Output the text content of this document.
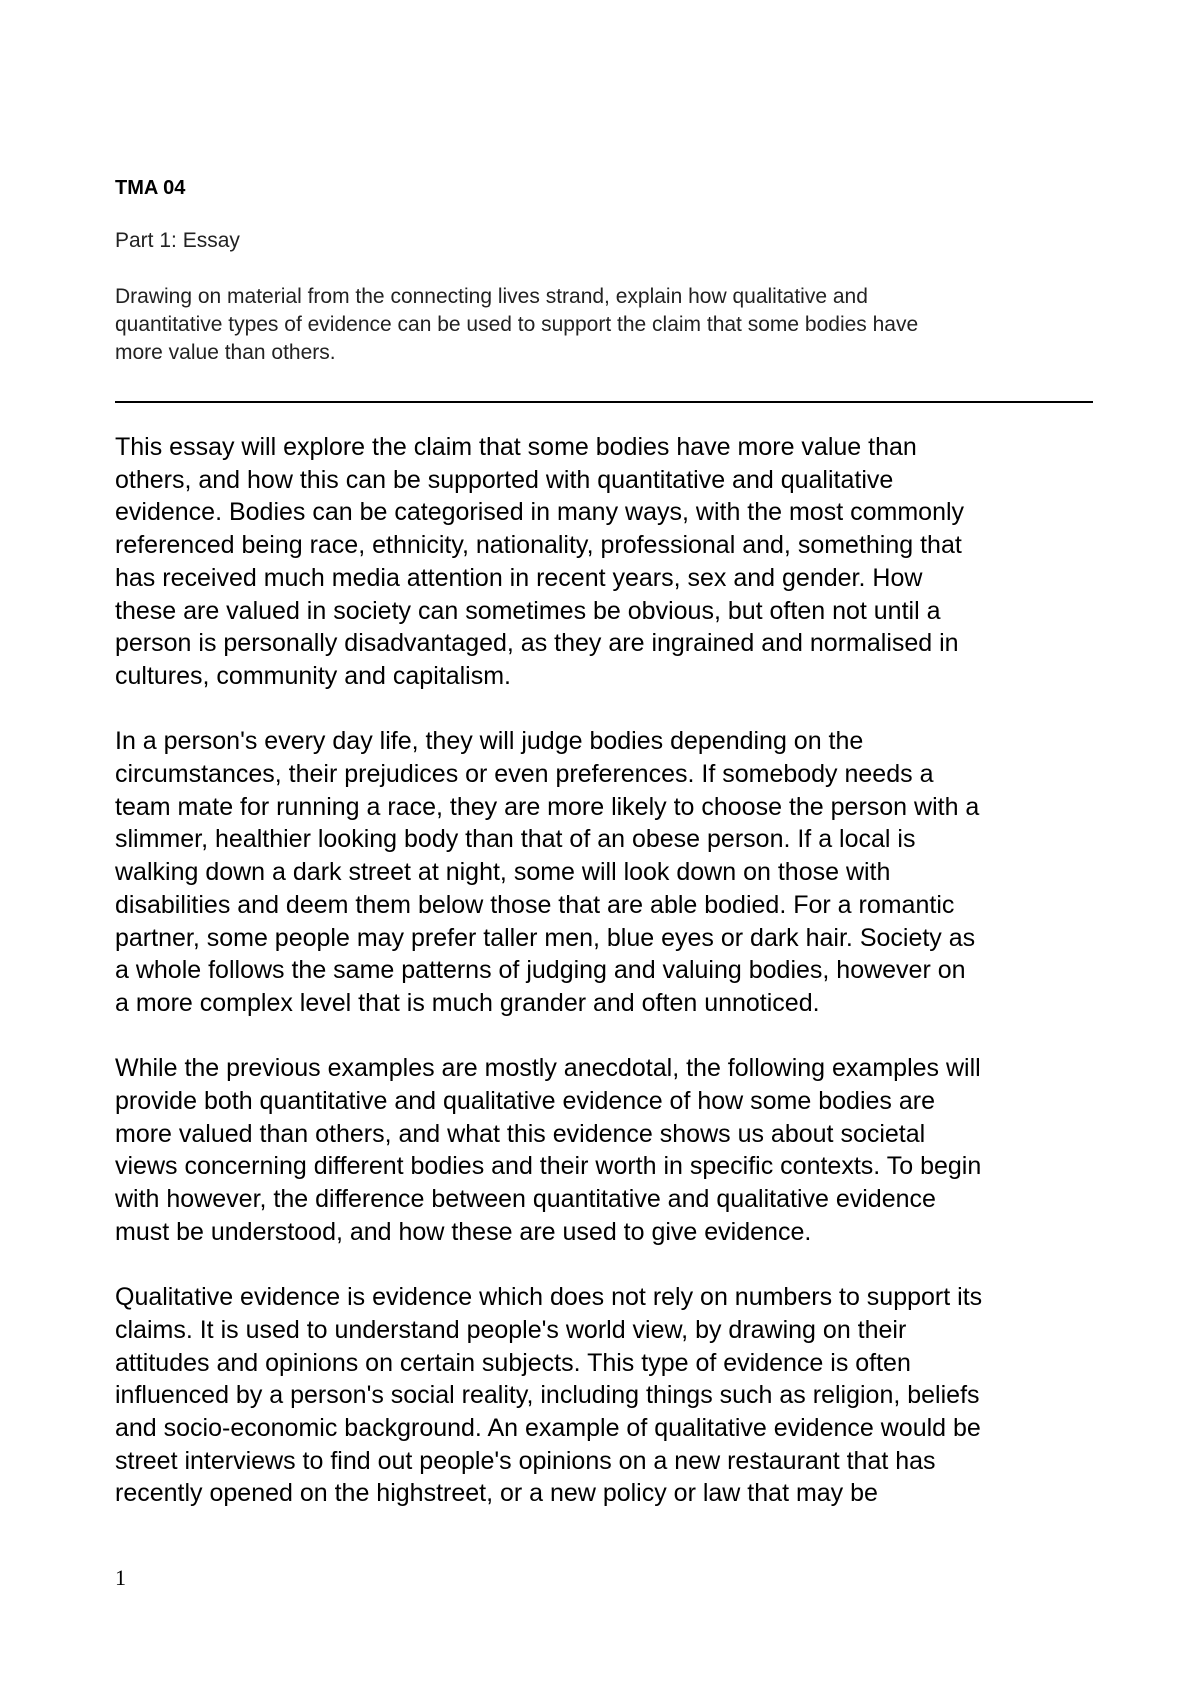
TMA 04

Part 1: Essay

Drawing on material from the connecting lives strand, explain how qualitative and
quantitative types of evidence can be used to support the claim that some bodies have
more value than others.

This essay will explore the claim that some bodies have more value than
others, and how this can be supported with quantitative and qualitative
evidence. Bodies can be categorised in many ways, with the most commonly
referenced being race, ethnicity, nationality, professional and, something that
has received much media attention in recent years, sex and gender. How
these are valued in society can sometimes be obvious, but often not until a
person is personally disadvantaged, as they are ingrained and normalised in
cultures, community and capitalism.

In a person's every day life, they will judge bodies depending on the
circumstances, their prejudices or even preferences. If somebody needs a
team mate for running a race, they are more likely to choose the person with a
slimmer, healthier looking body than that of an obese person. If a local is
walking down a dark street at night, some will look down on those with
disabilities and deem them below those that are able bodied. For a romantic
partner, some people may prefer taller men, blue eyes or dark hair. Society as
a whole follows the same patterns of judging and valuing bodies, however on
a more complex level that is much grander and often unnoticed.

While the previous examples are mostly anecdotal, the following examples will
provide both quantitative and qualitative evidence of how some bodies are
more valued than others, and what this evidence shows us about societal
views concerning different bodies and their worth in specific contexts. To begin
with however, the difference between quantitative and qualitative evidence
must be understood, and how these are used to give evidence.

Qualitative evidence is evidence which does not rely on numbers to support its
claims. It is used to understand people's world view, by drawing on their
attitudes and opinions on certain subjects. This type of evidence is often
influenced by a person's social reality, including things such as religion, beliefs
and socio-economic background. An example of qualitative evidence would be
street interviews to find out people's opinions on a new restaurant that has
recently opened on the highstreet, or a new policy or law that may be

1
